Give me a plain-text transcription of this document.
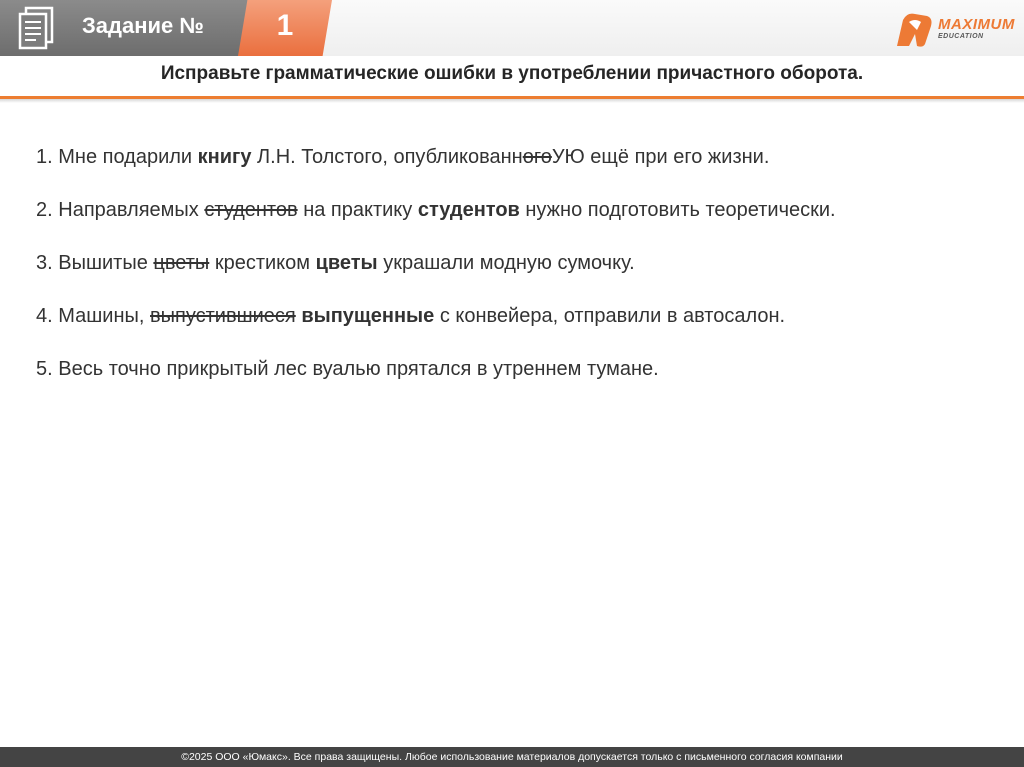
Задание №	1	MAXIMUM
EDUCATION
Исправьте грамматические ошибки в употреблении причастного оборота.

1. Мне подарили книгу Л.Н. Толстого, опубликованногоУЮ ещё при его жизни.

2. Направляемых студентов на практику студентов нужно подготовить теоретически.

3. Вышитые цветы крестиком цветы украшали модную сумочку.

4. Машины, выпустившиеся выпущенные с конвейера, отправили в автосалон.

5. Весь точно прикрытый лес вуалью прятался в утреннем тумане.

©2025 ООО «Юмакс». Все права защищены. Любое использование материалов допускается только с письменного согласия компании
